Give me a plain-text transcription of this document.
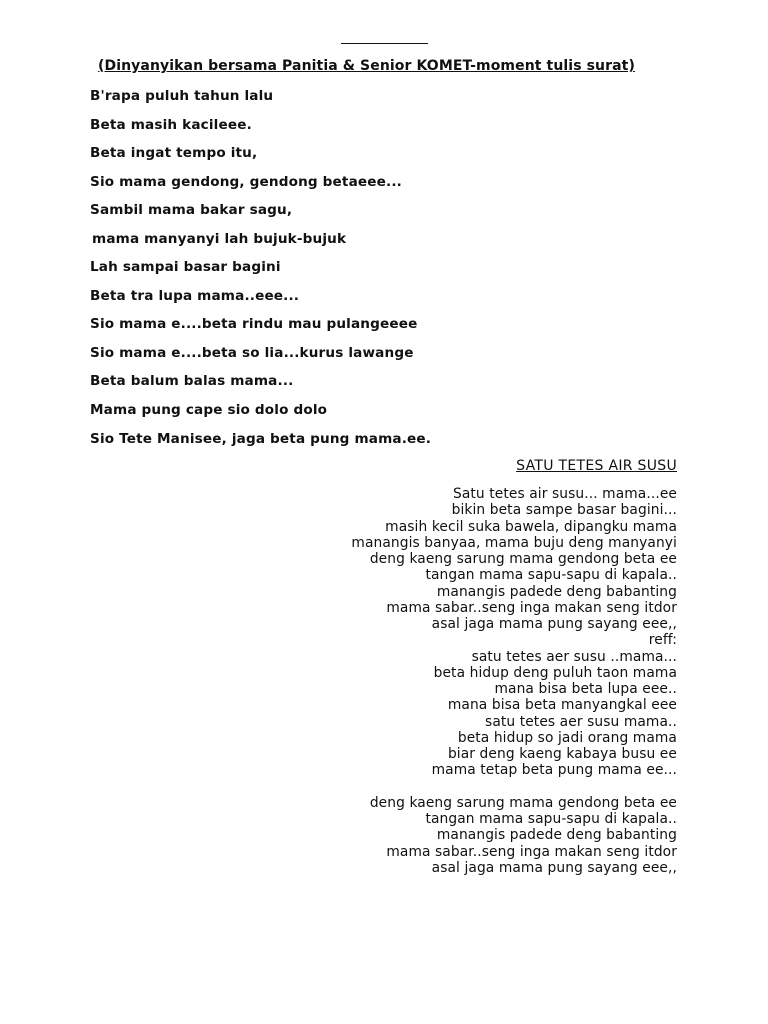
(Dinyanyikan bersama Panitia & Senior KOMET-moment tulis surat)

B'rapa puluh tahun lalu
Beta masih kacileee.
Beta ingat tempo itu,
Sio mama gendong, gendong betaeee...
Sambil mama bakar sagu,
mama manyanyi lah bujuk-bujuk
Lah sampai basar bagini
Beta tra lupa mama..eee...
Sio mama e....beta rindu mau pulangeeee
Sio mama e....beta so lia...kurus lawange
Beta balum balas mama...
Mama pung cape sio dolo dolo
Sio Tete Manisee, jaga beta pung mama.ee.
SATU TETES AIR SUSU
Satu tetes air susu... mama...ee
bikin beta sampe basar bagini...
masih kecil suka bawela, dipangku mama
manangis banyaa, mama buju deng manyanyi
deng kaeng sarung mama gendong beta ee
tangan mama sapu-sapu di kapala..
manangis padede deng babanting
mama sabar..seng inga makan seng itdor
asal jaga mama pung sayang eee,,
reff:
satu tetes aer susu ..mama...
beta hidup deng puluh taon mama
mana bisa beta lupa eee..
mana bisa beta manyangkal eee
satu tetes aer susu mama..
beta hidup so jadi orang mama
biar deng kaeng kabaya busu ee
mama tetap beta pung mama ee...
deng kaeng sarung mama gendong beta ee
tangan mama sapu-sapu di kapala..
manangis padede deng babanting
mama sabar..seng inga makan seng itdor
asal jaga mama pung sayang eee,,
